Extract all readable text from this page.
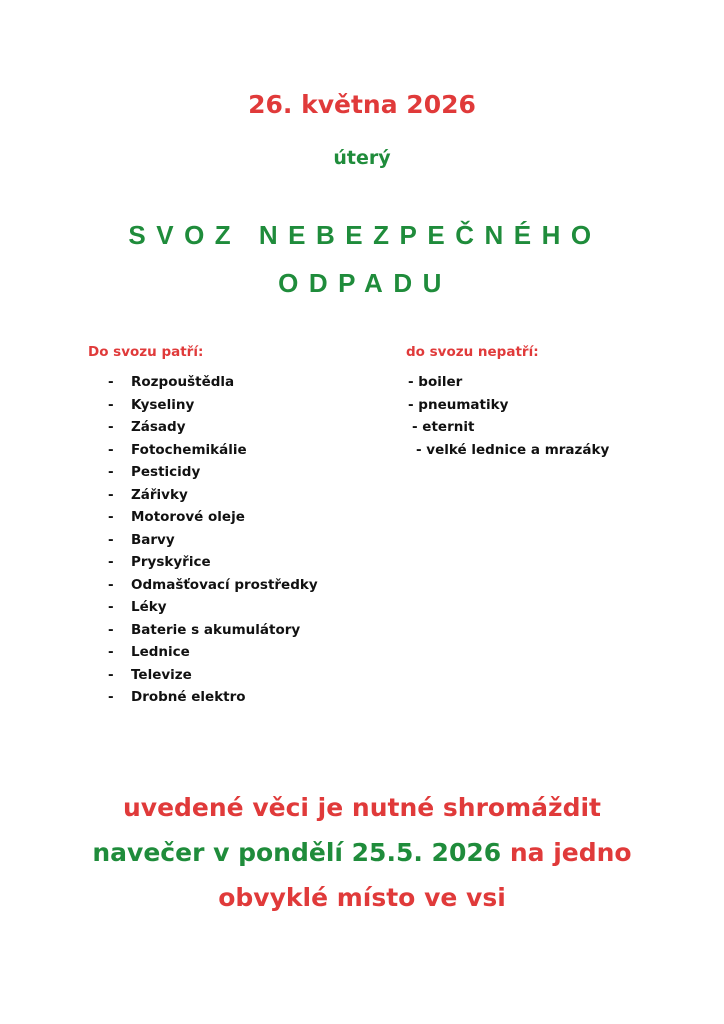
26. května 2026
úterý
SVOZ NEBEZPEČNÉHO
ODPADU
Do svozu patří:	do svozu nepatří:
- Rozpouštědla
- Kyseliny
- Zásady
- Fotochemikálie
- Pesticidy
- Zářivky
- Motorové oleje
- Barvy
- Pryskyřice
- Odmašťovací prostředky
- Léky
- Baterie s akumulátory
- Lednice
- Televize
- Drobné elektro
- boiler
- pneumatiky
- eternit
- velké lednice a mrazáky
uvedené věci je nutné shromáždit
navečer v pondělí 25.5. 2026 na jedno
obvyklé místo ve vsi
